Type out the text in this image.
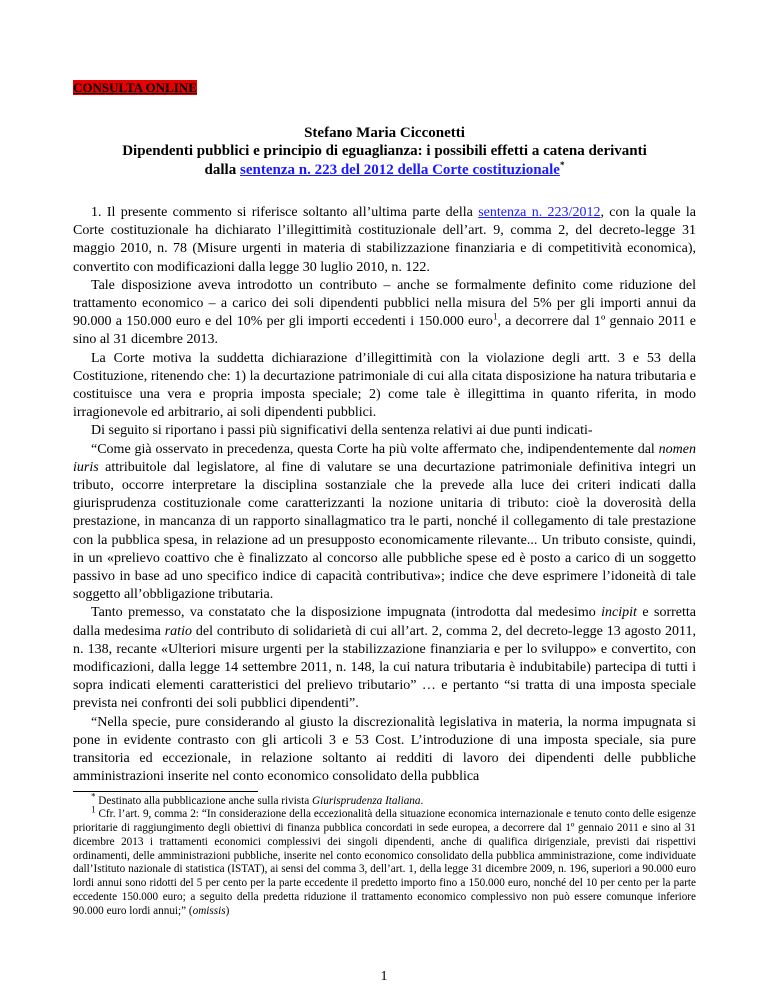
CONSULTA ONLINE
Stefano Maria Cicconetti
Dipendenti pubblici e principio di eguaglianza: i possibili effetti a catena derivanti
dalla sentenza n. 223 del 2012 della Corte costituzionale*

1. Il presente commento si riferisce soltanto all’ultima parte della sentenza n. 223/2012, con la quale la Corte costituzionale ha dichiarato l’illegittimità costituzionale dell’art. 9, comma 2, del decreto-legge 31 maggio 2010, n. 78 (Misure urgenti in materia di stabilizzazione finanziaria e di competitività economica), convertito con modificazioni dalla legge 30 luglio 2010, n. 122.

Tale disposizione aveva introdotto un contributo – anche se formalmente definito come riduzione del trattamento economico – a carico dei soli dipendenti pubblici nella misura del 5% per gli importi annui da 90.000 a 150.000 euro e del 10% per gli importi eccedenti i 150.000 euro$^1$, a decorrere dal 1º gennaio 2011 e sino al 31 dicembre 2013.

La Corte motiva la suddetta dichiarazione d’illegittimità con la violazione degli artt. 3 e 53 della Costituzione, ritenendo che: 1) la decurtazione patrimoniale di cui alla citata disposizione ha natura tributaria e costituisce una vera e propria imposta speciale; 2) come tale è illegittima in quanto riferita, in modo irragionevole ed arbitrario, ai soli dipendenti pubblici.

Di seguito si riportano i passi più significativi della sentenza relativi ai due punti indicati-

“Come già osservato in precedenza, questa Corte ha più volte affermato che, indipendentemente dal nomen iuris attribuitole dal legislatore, al fine di valutare se una decurtazione patrimoniale definitiva integri un tributo, occorre interpretare la disciplina sostanziale che la prevede alla luce dei criteri indicati dalla giurisprudenza costituzionale come caratterizzanti la nozione unitaria di tributo: cioè la doverosità della prestazione, in mancanza di un rapporto sinallagmatico tra le parti, nonché il collegamento di tale prestazione con la pubblica spesa, in relazione ad un presupposto economicamente rilevante... Un tributo consiste, quindi, in un «prelievo coattivo che è finalizzato al concorso alle pubbliche spese ed è posto a carico di un soggetto passivo in base ad uno specifico indice di capacità contributiva»; indice che deve esprimere l’idoneità di tale soggetto all’obbligazione tributaria.

Tanto premesso, va constatato che la disposizione impugnata (introdotta dal medesimo incipit e sorretta dalla medesima ratio del contributo di solidarietà di cui all’art. 2, comma 2, del decreto-legge 13 agosto 2011, n. 138, recante «Ulteriori misure urgenti per la stabilizzazione finanziaria e per lo sviluppo» e convertito, con modificazioni, dalla legge 14 settembre 2011, n. 148, la cui natura tributaria è indubitabile) partecipa di tutti i sopra indicati elementi caratteristici del prelievo tributario” … e pertanto “si tratta di una imposta speciale prevista nei confronti dei soli pubblici dipendenti”.

“Nella specie, pure considerando al giusto la discrezionalità legislativa in materia, la norma impugnata si pone in evidente contrasto con gli articoli 3 e 53 Cost. L’introduzione di una imposta speciale, sia pure transitoria ed eccezionale, in relazione soltanto ai redditi di lavoro dei dipendenti delle pubbliche amministrazioni inserite nel conto economico consolidato della pubblica

* Destinato alla pubblicazione anche sulla rivista Giurisprudenza Italiana.

$^1$ Cfr. l’art. 9, comma 2: “In considerazione della eccezionalità della situazione economica internazionale e tenuto conto delle esigenze prioritarie di raggiungimento degli obiettivi di finanza pubblica concordati in sede europea, a decorrere dal 1º gennaio 2011 e sino al 31 dicembre 2013 i trattamenti economici complessivi dei singoli dipendenti, anche di qualifica dirigenziale, previsti dai rispettivi ordinamenti, delle amministrazioni pubbliche, inserite nel conto economico consolidato della pubblica amministrazione, come individuate dall’Istituto nazionale di statistica (ISTAT), ai sensi del comma 3, dell’art. 1, della legge 31 dicembre 2009, n. 196, superiori a 90.000 euro lordi annui sono ridotti del 5 per cento per la parte eccedente il predetto importo fino a 150.000 euro, nonché del 10 per cento per la parte eccedente 150.000 euro; a seguito della predetta riduzione il trattamento economico complessivo non può essere comunque inferiore 90.000 euro lordi annui;” (omissis)

1
